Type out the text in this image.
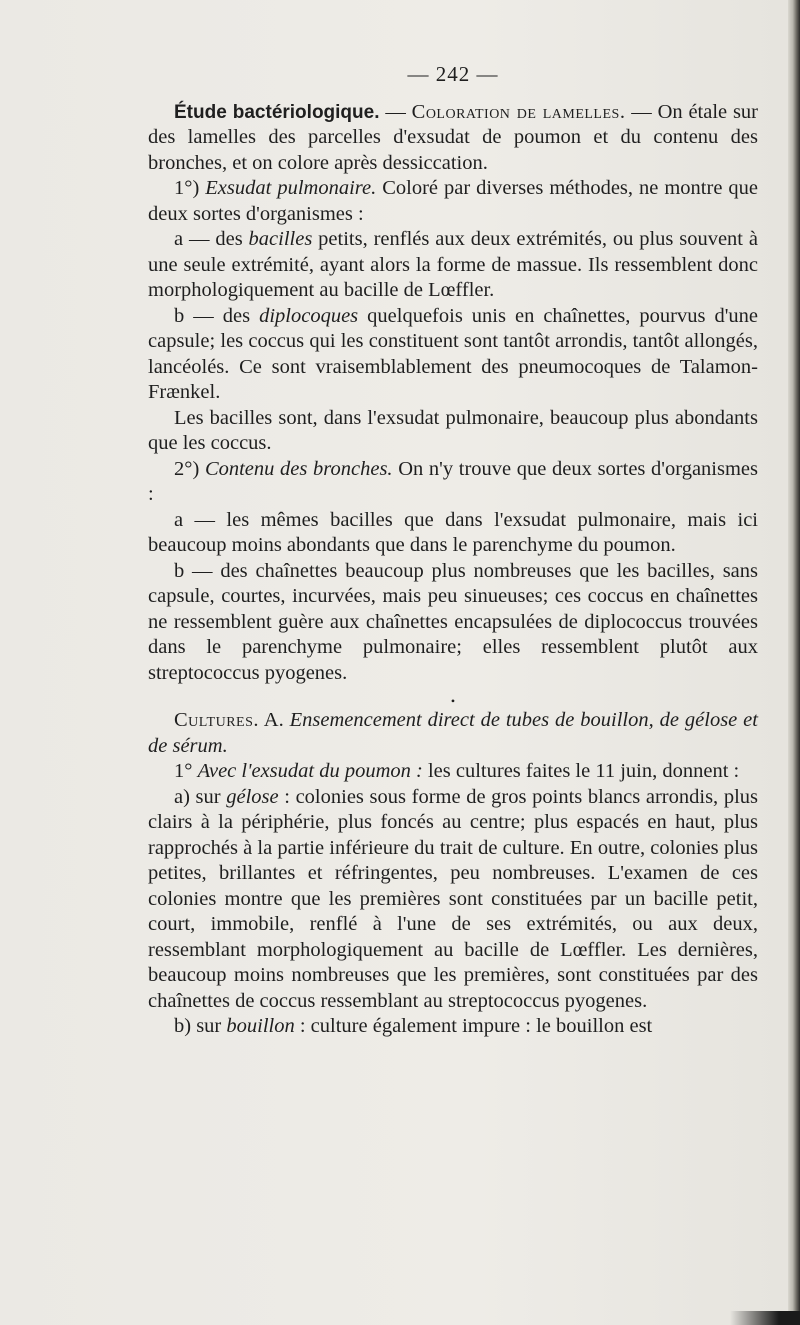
— 242 —

Étude bactériologique. — Coloration de lamelles. — On étale sur des lamelles des parcelles d'exsudat de poumon et du contenu des bronches, et on colore après dessiccation.

1°) Exsudat pulmonaire. Coloré par diverses méthodes, ne montre que deux sortes d'organismes :

a — des bacilles petits, renflés aux deux extrémités, ou plus souvent à une seule extrémité, ayant alors la forme de massue. Ils ressemblent donc morphologiquement au bacille de Lœffler.

b — des diplocoques quelquefois unis en chaînettes, pourvus d'une capsule; les coccus qui les constituent sont tantôt arrondis, tantôt allongés, lancéolés. Ce sont vraisemblablement des pneumocoques de Talamon-Frænkel.

Les bacilles sont, dans l'exsudat pulmonaire, beaucoup plus abondants que les coccus.

2°) Contenu des bronches. On n'y trouve que deux sortes d'organismes :

a — les mêmes bacilles que dans l'exsudat pulmonaire, mais ici beaucoup moins abondants que dans le parenchyme du poumon.

b — des chaînettes beaucoup plus nombreuses que les bacilles, sans capsule, courtes, incurvées, mais peu sinueuses; ces coccus en chaînettes ne ressemblent guère aux chaînettes encapsulées de diplococcus trouvées dans le parenchyme pulmonaire; elles ressemblent plutôt aux streptococcus pyogenes.

•

Cultures. A. Ensemencement direct de tubes de bouillon, de gélose et de sérum.

1° Avec l'exsudat du poumon : les cultures faites le 11 juin, donnent :

a) sur gélose : colonies sous forme de gros points blancs arrondis, plus clairs à la périphérie, plus foncés au centre; plus espacés en haut, plus rapprochés à la partie inférieure du trait de culture. En outre, colonies plus petites, brillantes et réfringentes, peu nombreuses. L'examen de ces colonies montre que les premières sont constituées par un bacille petit, court, immobile, renflé à l'une de ses extrémités, ou aux deux, ressemblant morphologiquement au bacille de Lœffler. Les dernières, beaucoup moins nombreuses que les premières, sont constituées par des chaînettes de coccus ressemblant au streptococcus pyogenes.

b) sur bouillon : culture également impure : le bouillon est
